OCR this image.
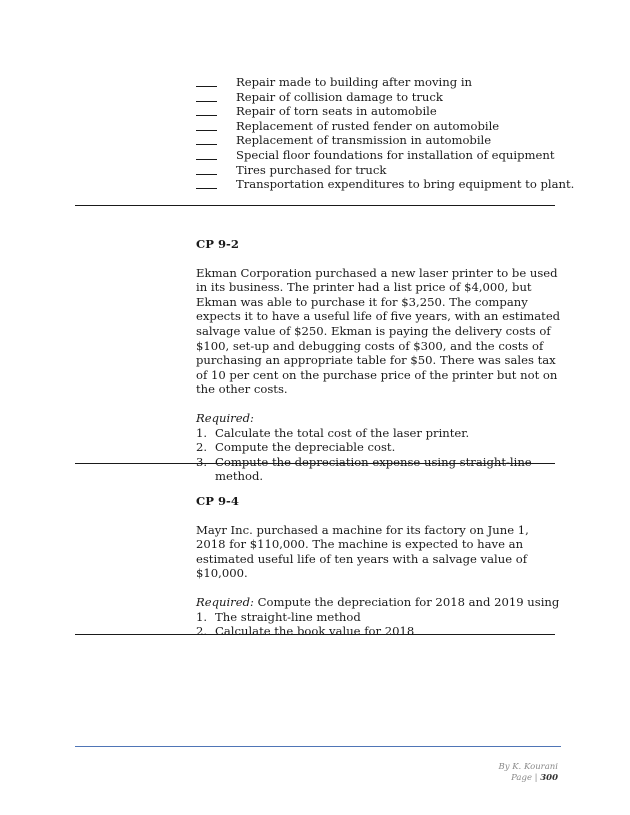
Repair made to building after moving in
Repair of collision damage to truck
Repair of torn seats in automobile
Replacement of rusted fender on automobile
Replacement of transmission in automobile
Special floor foundations for installation of equipment
Tires purchased for truck
Transportation expenditures to bring equipment to plant.
CP 9-2
Ekman Corporation purchased a new laser printer to be used in its business. The printer had a list price of $4,000, but Ekman was able to purchase it for $3,250. The company expects it to have a useful life of five years, with an estimated salvage value of $250. Ekman is paying the delivery costs of $100, set-up and debugging costs of $300, and the costs of purchasing an appropriate table for $50. There was sales tax of 10 per cent on the purchase price of the printer but not on the other costs.
Required:
1. Calculate the total cost of the laser printer.
2. Compute the depreciable cost.
3. Compute the depreciation expense using straight-line method.
CP 9-4
Mayr Inc. purchased a machine for its factory on June 1, 2018 for $110,000. The machine is expected to have an estimated useful life of ten years with a salvage value of $10,000.
Required: Compute the depreciation for 2018 and 2019 using
1. The straight-line method
2. Calculate the book value for 2018
By K. Kourani
Page | 300
